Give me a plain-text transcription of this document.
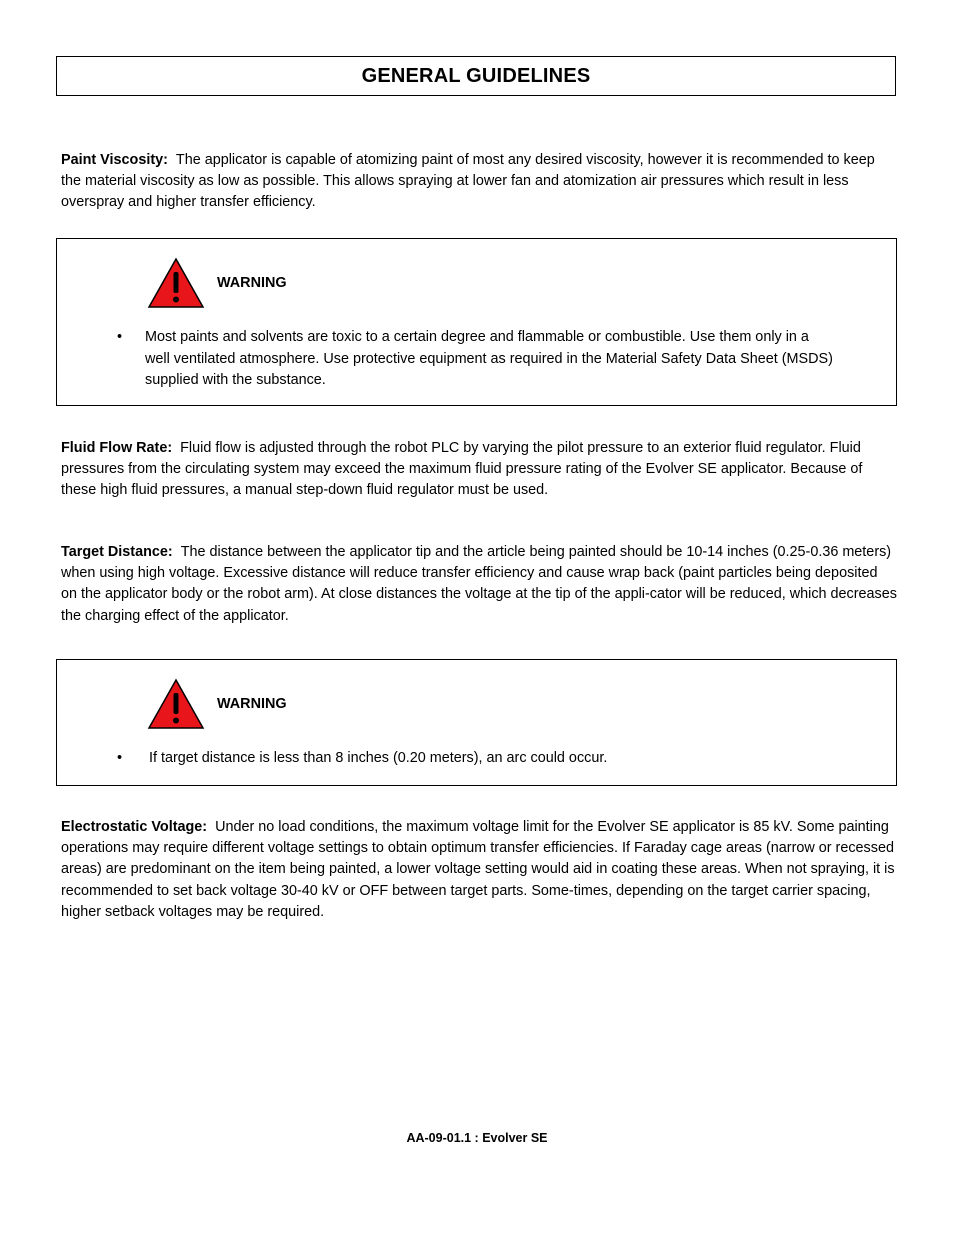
GENERAL GUIDELINES

Paint Viscosity: The applicator is capable of atomizing paint of most any desired viscosity, however it is recommended to keep the material viscosity as low as possible. This allows spraying at lower fan and atomization air pressures which result in less overspray and higher transfer efficiency.

WARNING
•	Most paints and solvents are toxic to a certain degree and flammable or combustible. Use them only in a well ventilated atmosphere. Use protective equipment as required in the Material Safety Data Sheet (MSDS) supplied with the substance.

Fluid Flow Rate: Fluid flow is adjusted through the robot PLC by varying the pilot pressure to an exterior fluid regulator. Fluid pressures from the circulating system may exceed the maximum fluid pressure rating of the Evolver SE applicator. Because of these high fluid pressures, a manual step-down fluid regulator must be used.

Target Distance: The distance between the applicator tip and the article being painted should be 10-14 inches (0.25-0.36 meters) when using high voltage. Excessive distance will reduce transfer efficiency and cause wrap back (paint particles being deposited on the applicator body or the robot arm). At close distances the voltage at the tip of the appli-cator will be reduced, which decreases the charging effect of the applicator.

WARNING
•	If target distance is less than 8 inches (0.20 meters), an arc could occur.

Electrostatic Voltage: Under no load conditions, the maximum voltage limit for the Evolver SE applicator is 85 kV. Some painting operations may require different voltage settings to obtain optimum transfer efficiencies. If Faraday cage areas (narrow or recessed areas) are predominant on the item being painted, a lower voltage setting would aid in coating these areas. When not spraying, it is recommended to set back voltage 30-40 kV or OFF between target parts. Some-times, depending on the target carrier spacing, higher setback voltages may be required.

AA-09-01.1 : Evolver SE
